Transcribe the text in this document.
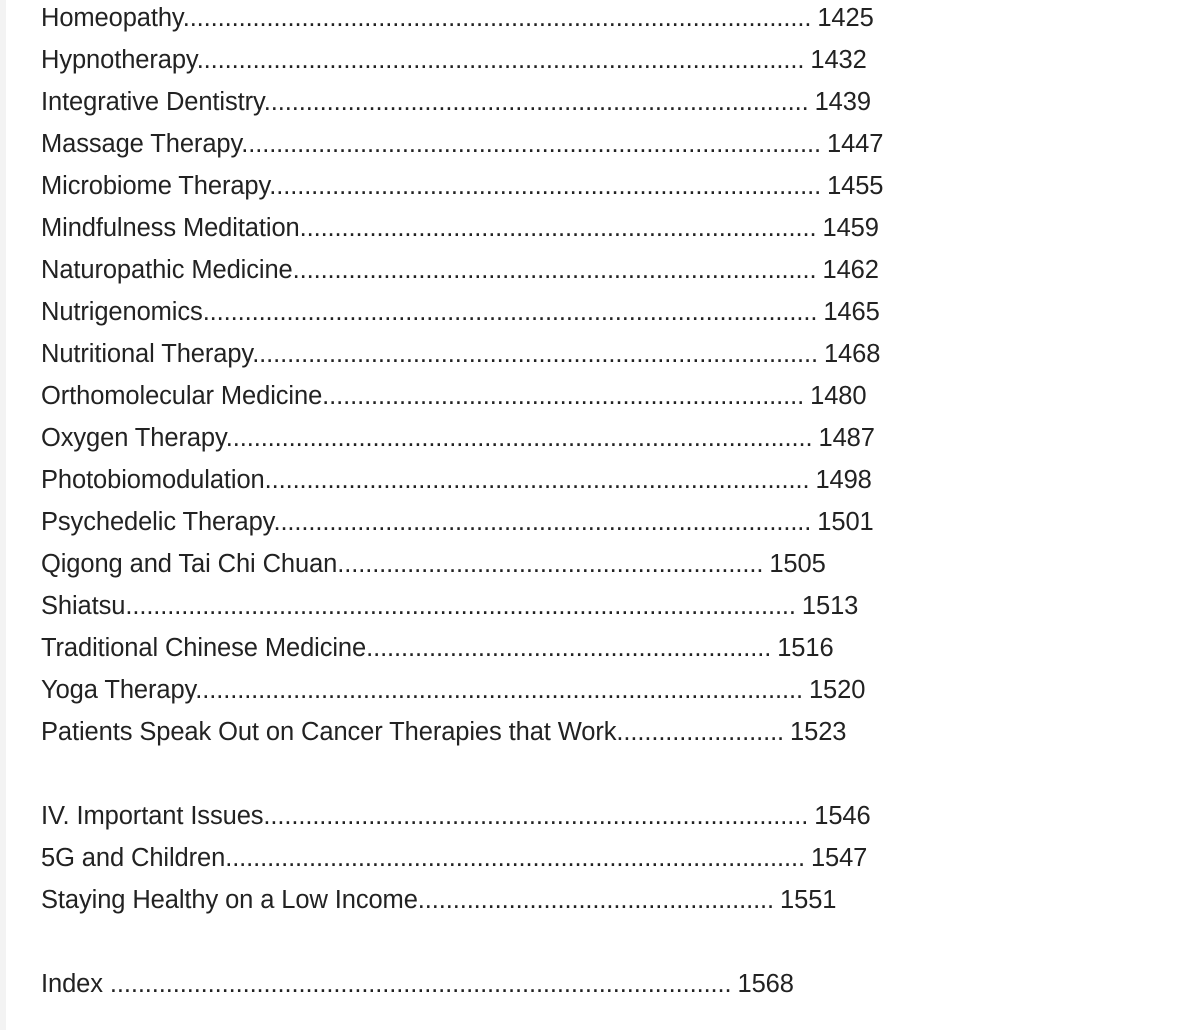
Homeopathy.......................................................................................... 1425
Hypnotherapy....................................................................................... 1432
Integrative Dentistry.............................................................................. 1439
Massage Therapy................................................................................... 1447
Microbiome Therapy............................................................................... 1455
Mindfulness Meditation.......................................................................... 1459
Naturopathic Medicine........................................................................... 1462
Nutrigenomics........................................................................................ 1465
Nutritional Therapy................................................................................. 1468
Orthomolecular Medicine..................................................................... 1480
Oxygen Therapy.................................................................................... 1487
Photobiomodulation.............................................................................. 1498
Psychedelic Therapy............................................................................. 1501
Qigong and Tai Chi Chuan............................................................. 1505
Shiatsu................................................................................................ 1513
Traditional Chinese Medicine.......................................................... 1516
Yoga Therapy....................................................................................... 1520
Patients Speak Out on Cancer Therapies that Work........................ 1523
IV. Important Issues.............................................................................. 1546
5G and Children................................................................................... 1547
Staying Healthy on a Low Income................................................... 1551
Index ......................................................................................... 1568
